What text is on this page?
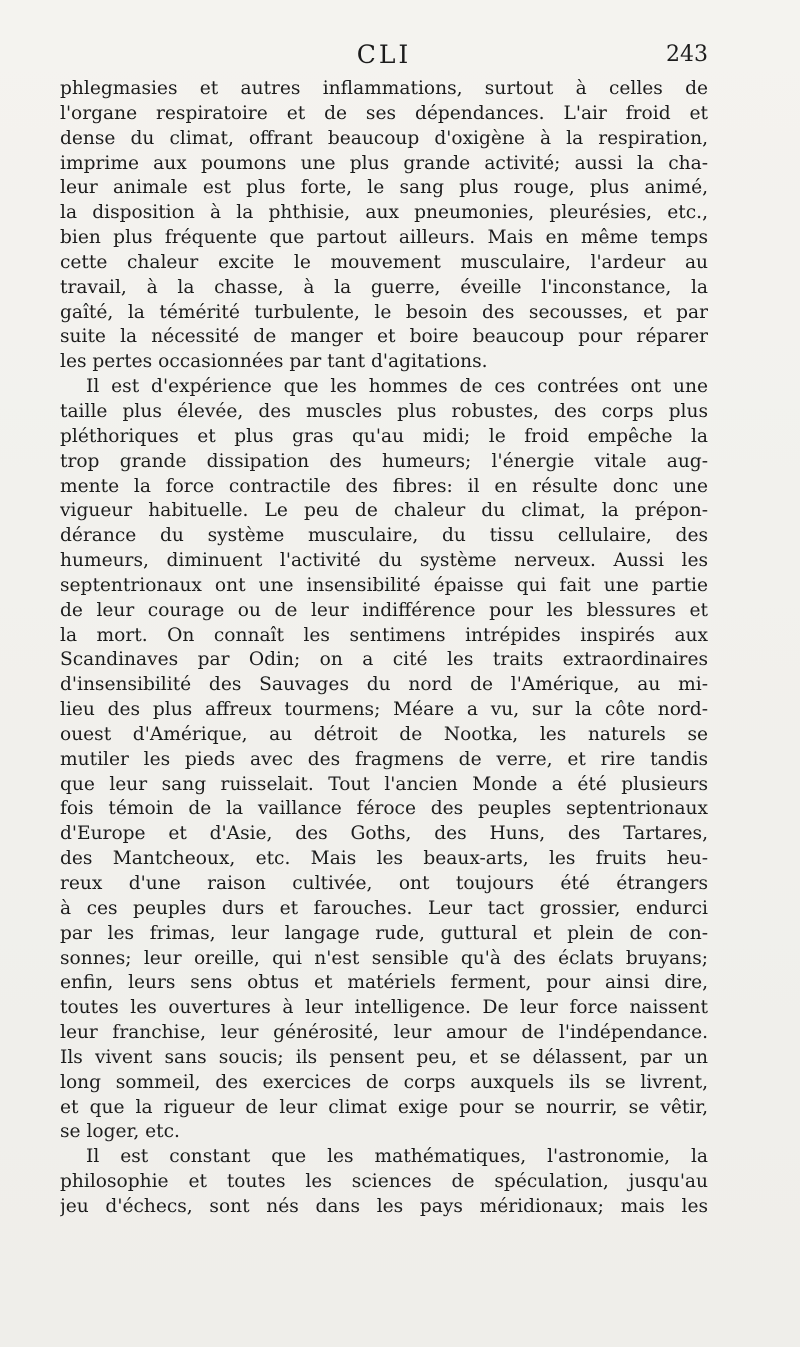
CLI	243
phlegmasies et autres inflammations, surtout à celles de
l'organe respiratoire et de ses dépendances. L'air froid et
dense du climat, offrant beaucoup d'oxigène à la respiration,
imprime aux poumons une plus grande activité; aussi la cha-
leur animale est plus forte, le sang plus rouge, plus animé,
la disposition à la phthisie, aux pneumonies, pleurésies, etc.,
bien plus fréquente que partout ailleurs. Mais en même temps
cette chaleur excite le mouvement musculaire, l'ardeur au
travail, à la chasse, à la guerre, éveille l'inconstance, la
gaîté, la témérité turbulente, le besoin des secousses, et par
suite la nécessité de manger et boire beaucoup pour réparer
les pertes occasionnées par tant d'agitations.
Il est d'expérience que les hommes de ces contrées ont une
taille plus élevée, des muscles plus robustes, des corps plus
pléthoriques et plus gras qu'au midi; le froid empêche la
trop grande dissipation des humeurs; l'énergie vitale aug-
mente la force contractile des fibres: il en résulte donc une
vigueur habituelle. Le peu de chaleur du climat, la prépon-
dérance du système musculaire, du tissu cellulaire, des
humeurs, diminuent l'activité du système nerveux. Aussi les
septentrionaux ont une insensibilité épaisse qui fait une partie
de leur courage ou de leur indifférence pour les blessures et
la mort. On connaît les sentimens intrépides inspirés aux
Scandinaves par Odin; on a cité les traits extraordinaires
d'insensibilité des Sauvages du nord de l'Amérique, au mi-
lieu des plus affreux tourmens; Méare a vu, sur la côte nord-
ouest d'Amérique, au détroit de Nootka, les naturels se
mutiler les pieds avec des fragmens de verre, et rire tandis
que leur sang ruisselait. Tout l'ancien Monde a été plusieurs
fois témoin de la vaillance féroce des peuples septentrionaux
d'Europe et d'Asie, des Goths, des Huns, des Tartares,
des Mantcheoux, etc. Mais les beaux-arts, les fruits heu-
reux d'une raison cultivée, ont toujours été étrangers
à ces peuples durs et farouches. Leur tact grossier, endurci
par les frimas, leur langage rude, guttural et plein de con-
sonnes; leur oreille, qui n'est sensible qu'à des éclats bruyans;
enfin, leurs sens obtus et matériels ferment, pour ainsi dire,
toutes les ouvertures à leur intelligence. De leur force naissent
leur franchise, leur générosité, leur amour de l'indépendance.
Ils vivent sans soucis; ils pensent peu, et se délassent, par un
long sommeil, des exercices de corps auxquels ils se livrent,
et que la rigueur de leur climat exige pour se nourrir, se vêtir,
se loger, etc.
Il est constant que les mathématiques, l'astronomie, la
philosophie et toutes les sciences de spéculation, jusqu'au
jeu d'échecs, sont nés dans les pays méridionaux; mais les
